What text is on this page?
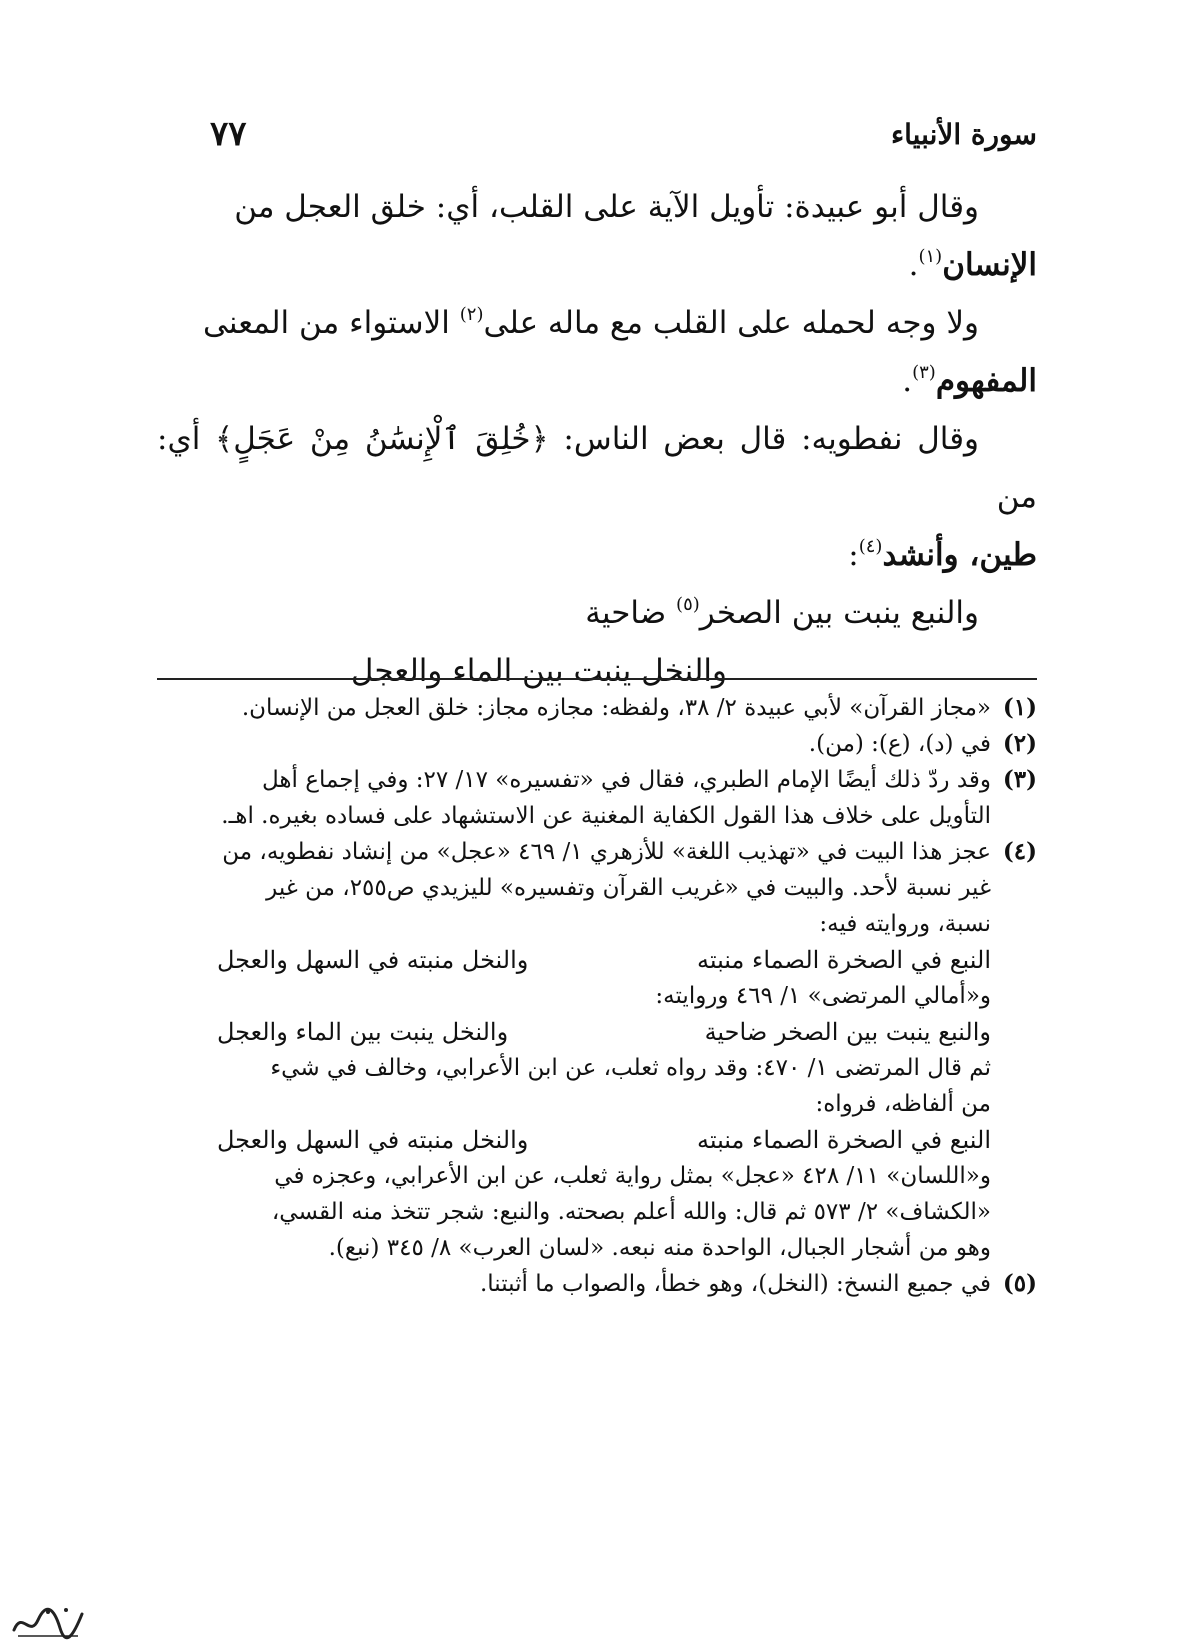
سورة الأنبياء
٧٧

وقال أبو عبيدة: تأويل الآية على القلب، أي: خلق العجل من

الإنسان$^{(١)}$.

ولا وجه لحمله على القلب مع ماله على$^{(٢)}$ الاستواء من المعنى

المفهوم$^{(٣)}$.

وقال نفطويه: قال بعض الناس: ﴿خُلِقَ ٱلْإِنسَٰنُ مِنْ عَجَلٍ﴾ أي: من

طين، وأنشد$^{(٤)}$:

والنبع ينبت بين الصخر$^{(٥)}$ ضاحية
والنخل ينبت بين الماء والعجل

(١)
«مجاز القرآن» لأبي عبيدة ٢/ ٣٨، ولفظه: مجازه مجاز: خلق العجل من الإنسان.

(٢)
في (د)، (ع): (من).

(٣)
وقد ردّ ذلك أيضًا الإمام الطبري، فقال في «تفسيره» ١٧/ ٢٧: وفي إجماع أهل
التأويل على خلاف هذا القول الكفاية المغنية عن الاستشهاد على فساده بغيره. اهـ.

(٤)
عجز هذا البيت في «تهذيب اللغة» للأزهري ١/ ٤٦٩ «عجل» من إنشاد نفطويه، من
غير نسبة لأحد. والبيت في «غريب القرآن وتفسيره» لليزيدي ص٢٥٥، من غير
نسبة، وروايته فيه:
النبع في الصخرة الصماء منبته
والنخل منبته في السهل والعجل
و«أمالي المرتضى» ١/ ٤٦٩ وروايته:
والنبع ينبت بين الصخر ضاحية
والنخل ينبت بين الماء والعجل
ثم قال المرتضى ١/ ٤٧٠: وقد رواه ثعلب، عن ابن الأعرابي، وخالف في شيء
من ألفاظه، فرواه:
النبع في الصخرة الصماء منبته
والنخل منبته في السهل والعجل
و«اللسان» ١١/ ٤٢٨ «عجل» بمثل رواية ثعلب، عن ابن الأعرابي، وعجزه في
«الكشاف» ٢/ ٥٧٣ ثم قال: والله أعلم بصحته. والنبع: شجر تتخذ منه القسي،
وهو من أشجار الجبال، الواحدة منه نبعه. «لسان العرب» ٨/ ٣٤٥ (نبع).

(٥)
في جميع النسخ: (النخل)، وهو خطأ، والصواب ما أثبتنا.
